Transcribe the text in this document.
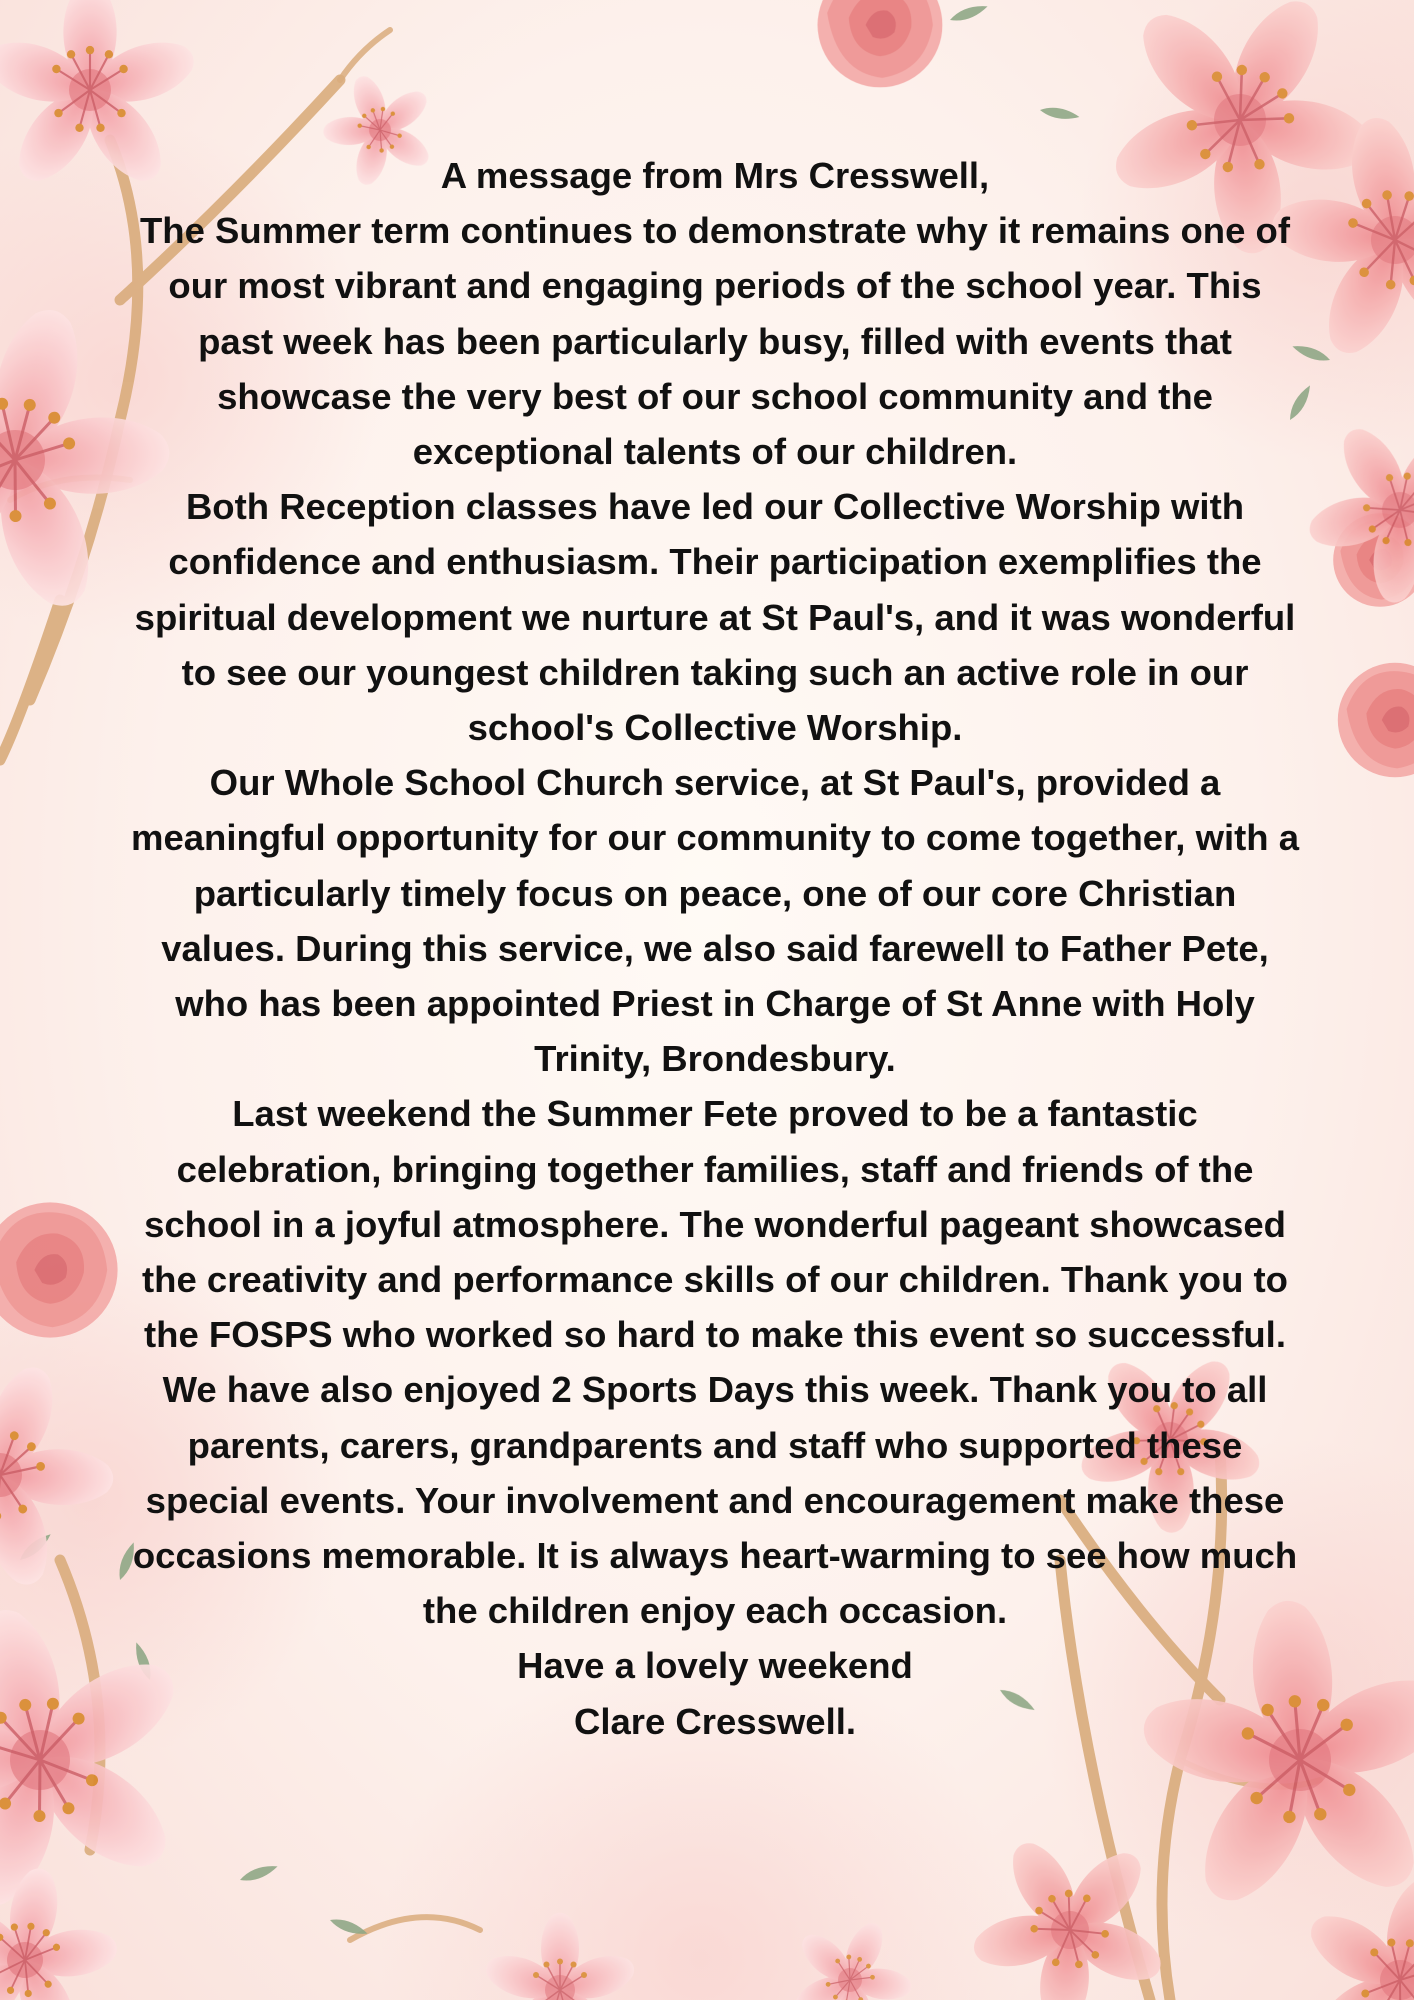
A message from Mrs Cresswell,

The Summer term continues to demonstrate why it remains one of our most vibrant and engaging periods of the school year. This past week has been particularly busy, filled with events that showcase the very best of our school community and the exceptional talents of our children.

Both Reception classes have led our Collective Worship with confidence and enthusiasm. Their participation exemplifies the spiritual development we nurture at St Paul's, and it was wonderful to see our youngest children taking such an active role in our school's Collective Worship.

Our Whole School Church service, at St Paul's, provided a meaningful opportunity for our community to come together, with a particularly timely focus on peace, one of our core Christian values. During this service, we also said farewell to Father Pete, who has been appointed Priest in Charge of St Anne with Holy Trinity, Brondesbury.

Last weekend the Summer Fete proved to be a fantastic celebration, bringing together families, staff and friends of the school in a joyful atmosphere. The wonderful pageant showcased the creativity and performance skills of our children. Thank you to the FOSPS who worked so hard to make this event so successful.

We have also enjoyed 2 Sports Days this week. Thank you to all parents, carers, grandparents and staff who supported these special events. Your involvement and encouragement make these occasions memorable. It is always heart-warming to see how much the children enjoy each occasion.

Have a lovely weekend

Clare Cresswell.
